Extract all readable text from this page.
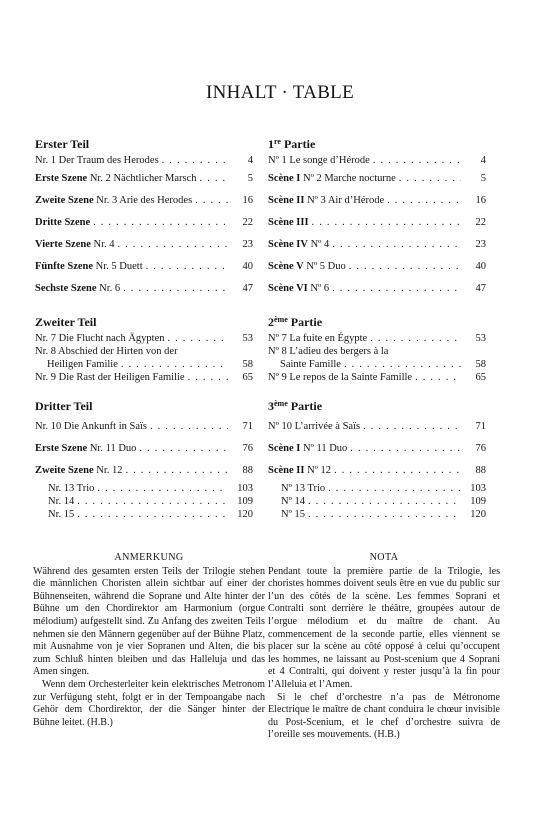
INHALT · TABLE
Erster Teil
Nr. 1 Der Traum des Herodes . . .	4
Erste Szene Nr. 2 Nächtlicher Marsch . . .	5
Zweite Szene Nr. 3 Arie des Herodes . . .	16
Dritte Szene . . .	22
Vierte Szene Nr. 4 . . .	23
Fünfte Szene Nr. 5 Duett . . .	40
Sechste Szene Nr. 6 . . .	47
Zweiter Teil
Nr. 7 Die Flucht nach Ägypten . . .	53
Nr. 8 Abschied der Hirten von der
Heiligen Familie . . .	58
Nr. 9 Die Rast der Heiligen Familie . . .	65
Dritter Teil
Nr. 10 Die Ankunft in Saïs . . .	71
Erste Szene Nr. 11 Duo . . .	76
Zweite Szene Nr. 12 . . .	88
Nr. 13 Trio . . .	103
Nr. 14 . . .	109
Nr. 15 . . .	120
1re Partie
Nº 1 Le songe d’Hérode . . .	4
Scène I Nº 2 Marche nocturne . . .	5
Scène II Nº 3 Air d’Hérode . . .	16
Scène III . . .	22
Scène IV Nº 4 . . .	23
Scène V Nº 5 Duo . . .	40
Scène VI Nº 6 . . .	47
2ème Partie
Nº 7 La fuite en Égypte . . .	53
Nº 8 L’adieu des bergers à la
Sainte Famille . . .	58
Nº 9 Le repos de la Sainte Famille . . .	65
3ème Partie
Nº 10 L’arrivée à Saïs . . .	71
Scène I Nº 11 Duo . . .	76
Scène II Nº 12 . . .	88
Nº 13 Trio . . .	103
Nº 14 . . .	109
Nº 15 . . .	120
ANMERKUNG

Während des gesamten ersten Teils der Trilogie stehen die männlichen Choristen allein sichtbar auf einer der Bühnenseiten, während die Soprane und Alte hinter der Bühne um den Chordirektor am Harmonium (orgue mélodium) aufgestellt sind. Zu Anfang des zweiten Teils nehmen sie den Männern gegenüber auf der Bühne Platz, mit Ausnahme von je vier Sopranen und Alten, die bis zum Schluß hinten bleiben und das Halleluja und das Amen singen.

Wenn dem Orchesterleiter kein elektrisches Metronom zur Verfügung steht, folgt er in der Tempoangabe nach Gehör dem Chordirektor, der die Sänger hinter der Bühne leitet. (H.B.)

NOTA

Pendant toute la première partie de la Trilogie, les choristes hommes doivent seuls être en vue du public sur l’un des côtés de la scène. Les femmes Soprani et Contralti sont derrière le théâtre, groupées autour de l’orgue mélodium et du maître de chant. Au commencement de la seconde partie, elles viennent se placer sur la scène au côté opposé à celui qu’occupent les hommes, ne laissant au Post-scenium que 4 Soprani et 4 Contralti, qui doivent y rester jusqu’à la fin pour l’Alleluia et l’Amen.

Si le chef d’orchestre n’a pas de Métronome Electrique le maître de chant conduira le chœur invisible du Post-Scenium, et le chef d’orchestre suivra de l’oreille ses mouvements. (H.B.)
